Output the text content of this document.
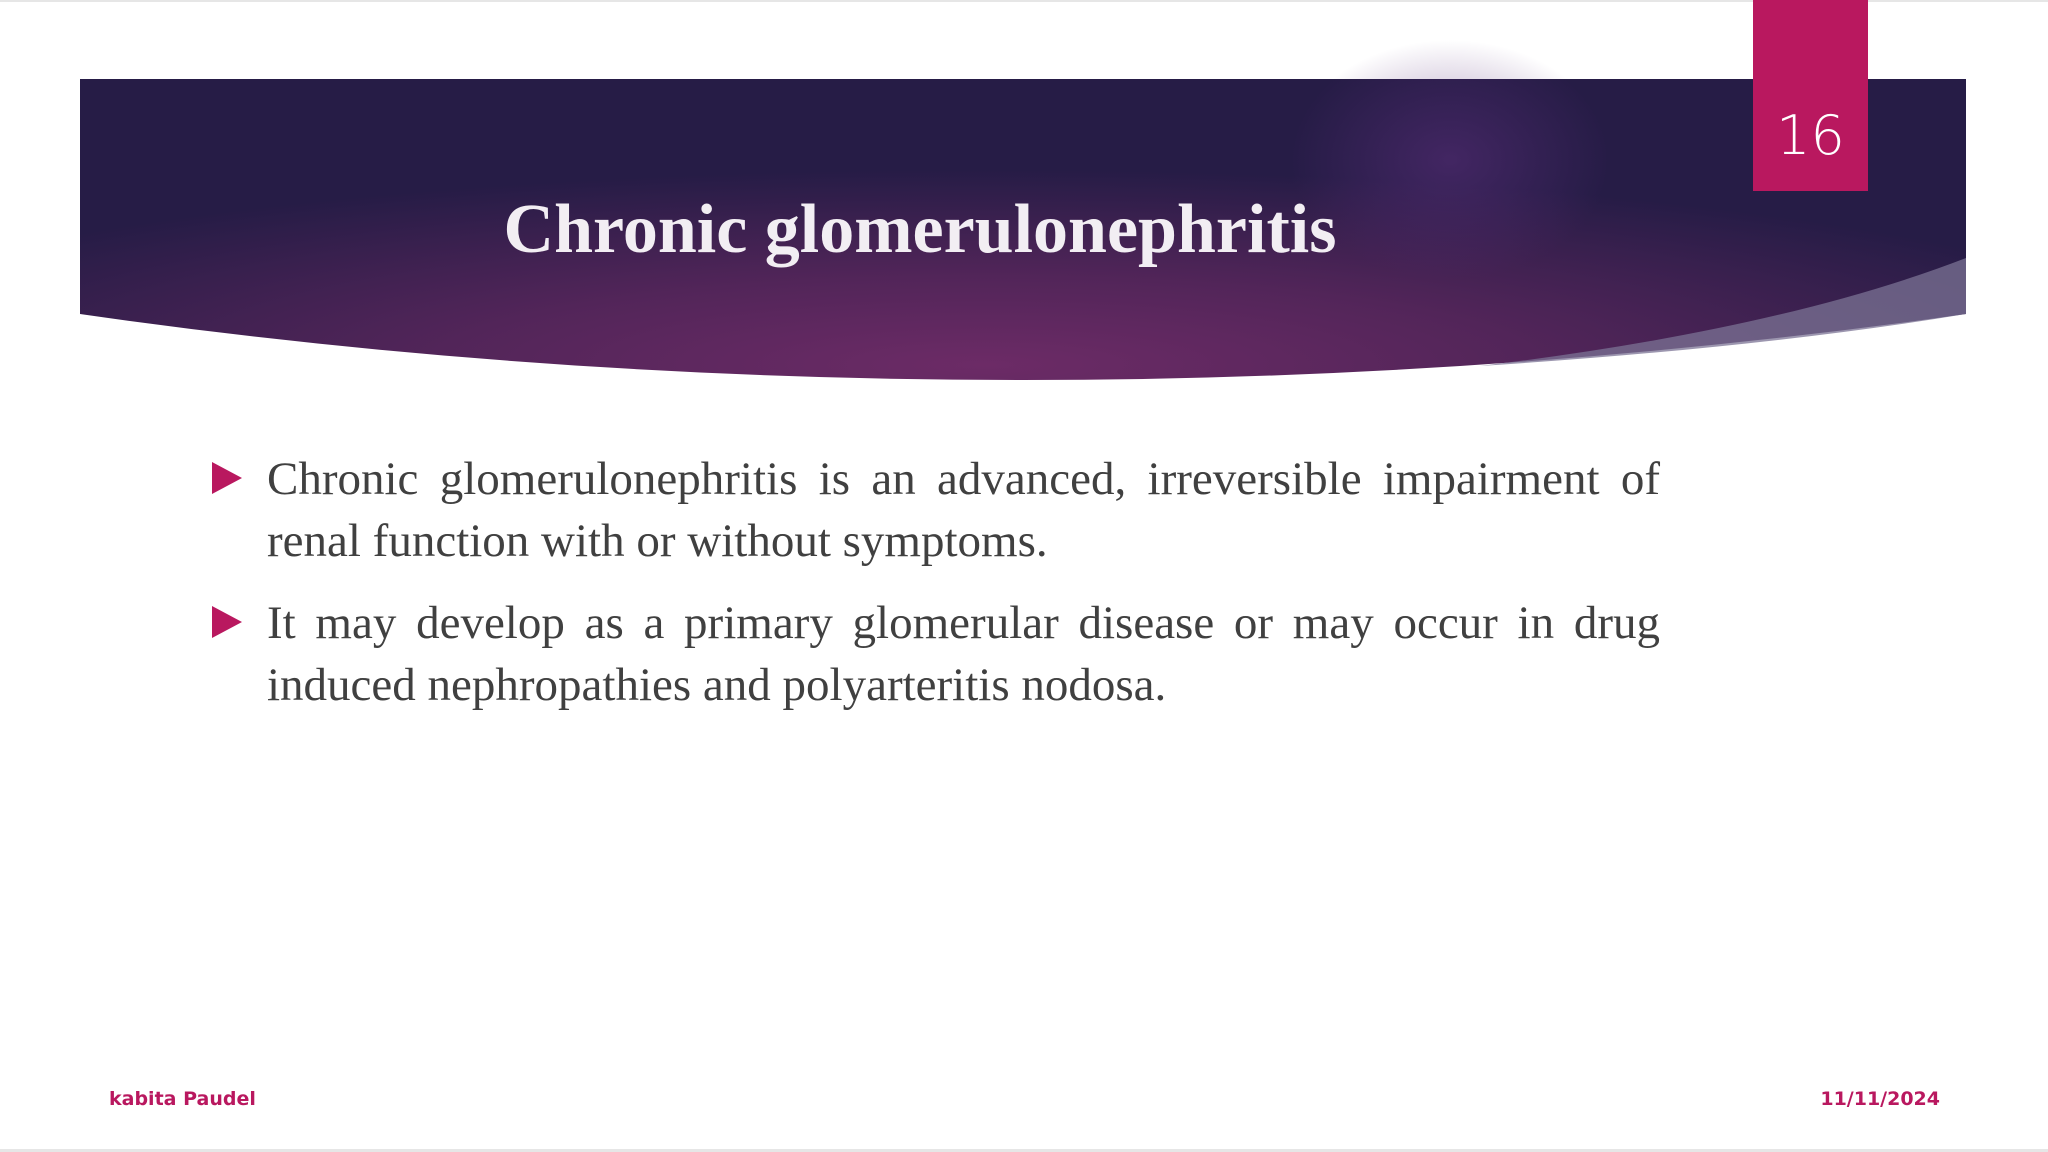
16
Chronic glomerulonephritis
Chronic glomerulonephritis is an advanced, irreversible impairment of renal function with or without symptoms.
It may develop as a primary glomerular disease or may occur in drug induced nephropathies and polyarteritis nodosa.
kabita Paudel	11/11/2024
